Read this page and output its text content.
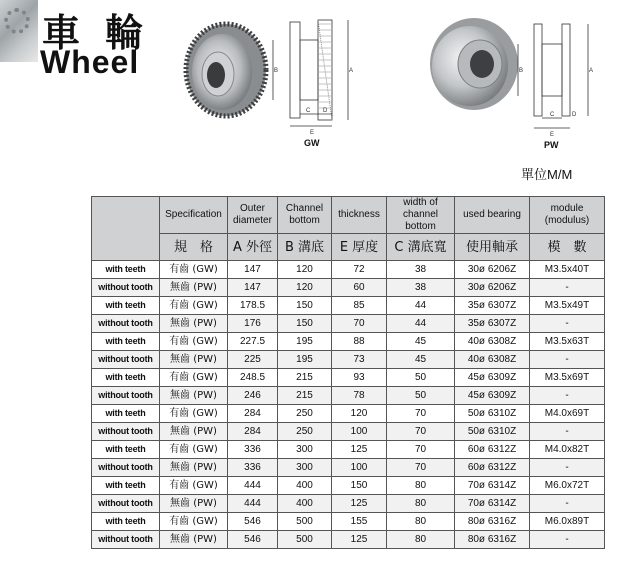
車 輪
Wheel	B	A
C D
E
GW
B	A
C	D
E
PW
單位M/M
	Specification	Outer diameter	Channel bottom	thickness	width of channel bottom	used bearing	module (modulus)
	規　格	A 外徑	B 溝底	E 厚度	C 溝底寬	使用軸承	模　數
with teeth	有齒 (GW)	147	120	72	38	30ø 6206Z	M3.5x40T
without tooth	無齒 (PW)	147	120	60	38	30ø 6206Z	-
with teeth	有齒 (GW)	178.5	150	85	44	35ø 6307Z	M3.5x49T
without tooth	無齒 (PW)	176	150	70	44	35ø 6307Z	-
with teeth	有齒 (GW)	227.5	195	88	45	40ø 6308Z	M3.5x63T
without tooth	無齒 (PW)	225	195	73	45	40ø 6308Z	-
with teeth	有齒 (GW)	248.5	215	93	50	45ø 6309Z	M3.5x69T
without tooth	無齒 (PW)	246	215	78	50	45ø 6309Z	-
with teeth	有齒 (GW)	284	250	120	70	50ø 6310Z	M4.0x69T
without tooth	無齒 (PW)	284	250	100	70	50ø 6310Z	-
with teeth	有齒 (GW)	336	300	125	70	60ø 6312Z	M4.0x82T
without tooth	無齒 (PW)	336	300	100	70	60ø 6312Z	-
with teeth	有齒 (GW)	444	400	150	80	70ø 6314Z	M6.0x72T
without tooth	無齒 (PW)	444	400	125	80	70ø 6314Z	-
with teeth	有齒 (GW)	546	500	155	80	80ø 6316Z	M6.0x89T
without tooth	無齒 (PW)	546	500	125	80	80ø 6316Z	-
